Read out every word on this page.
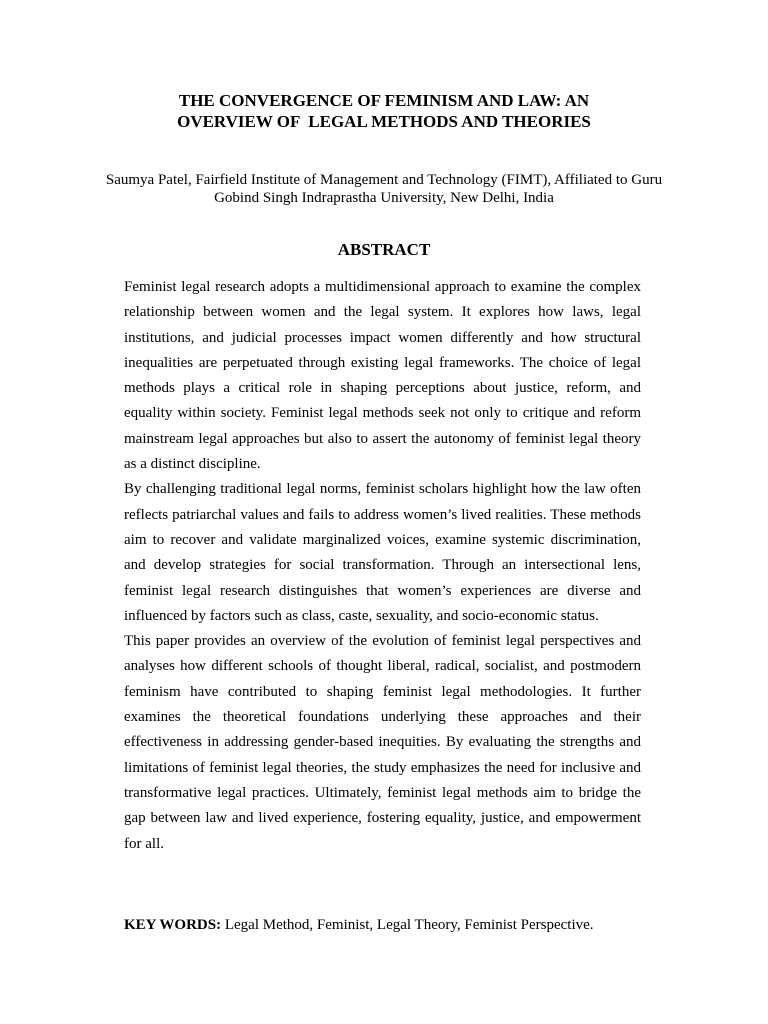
THE CONVERGENCE OF FEMINISM AND LAW: AN
OVERVIEW OF  LEGAL METHODS AND THEORIES

Saumya Patel, Fairfield Institute of Management and Technology (FIMT), Affiliated to Guru
Gobind Singh Indraprastha University, New Delhi, India

ABSTRACT

Feminist legal research adopts a multidimensional approach to examine the complex relationship between women and the legal system. It explores how laws, legal institutions, and judicial processes impact women differently and how structural inequalities are perpetuated through existing legal frameworks. The choice of legal methods plays a critical role in shaping perceptions about justice, reform, and equality within society. Feminist legal methods seek not only to critique and reform mainstream legal approaches but also to assert the autonomy of feminist legal theory as a distinct discipline.

By challenging traditional legal norms, feminist scholars highlight how the law often reflects patriarchal values and fails to address women’s lived realities. These methods aim to recover and validate marginalized voices, examine systemic discrimination, and develop strategies for social transformation. Through an intersectional lens, feminist legal research distinguishes that women’s experiences are diverse and influenced by factors such as class, caste, sexuality, and socio-economic status.

This paper provides an overview of the evolution of feminist legal perspectives and analyses how different schools of thought liberal, radical, socialist, and postmodern feminism have contributed to shaping feminist legal methodologies. It further examines the theoretical foundations underlying these approaches and their effectiveness in addressing gender-based inequities. By evaluating the strengths and limitations of feminist legal theories, the study emphasizes the need for inclusive and transformative legal practices. Ultimately, feminist legal methods aim to bridge the gap between law and lived experience, fostering equality, justice, and empowerment for all.

KEY WORDS: Legal Method, Feminist, Legal Theory, Feminist Perspective.
